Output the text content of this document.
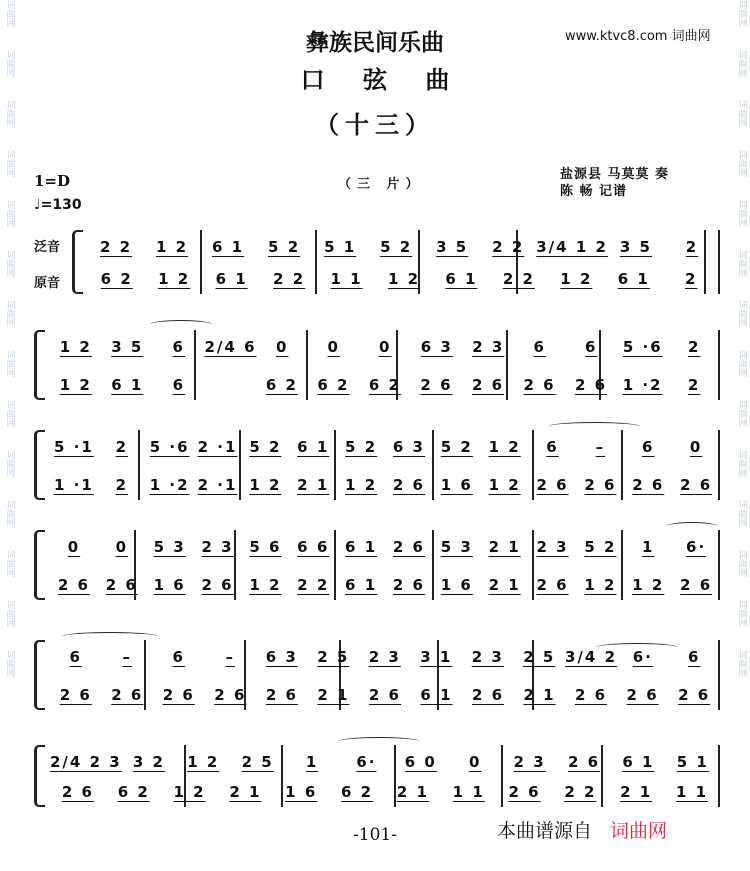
词曲网
词曲网
词曲网
词曲网
词曲网
词曲网
词曲网
词曲网
词曲网
词曲网
词曲网
词曲网
词曲网
词曲网
词曲网
词曲网
词曲网
词曲网
词曲网
词曲网
词曲网
词曲网
词曲网
词曲网
词曲网
词曲网
词曲网
词曲网
彝族民间乐曲
口 弦 曲
（十三）
www.ktvc8.com 词曲网
1=D
♩=130
（三 片）
盐源县 马莫莫 奏
陈 畅 记谱
泛音
原音
2 2	1 2	6 1	5 2	5 1	5 2	3 5	2 2 3/4 1 2 3 5	2
6 2	1 2	6 1	2 2	1 1	1 2	6 1	2 2	1 2	6 1	2
1 2	3 5	6	2/4 6	0	0	0	6 3	2 3	6	6	5 ·6	2
1 2	6 1	6	6 2	6 2	6 2	2 6	2 6	2 6	2 6	1 ·2	2
5 ·1	2	5 ·6 2 ·1 5 2	6 1	5 2	6 3	5 2	1 2	6	–	6	0
1 ·1	2	1 ·2 2 ·1 1 2	2 1	1 2	2 6	1 6	1 2	2 6	2 6	2 6	2 6
0	0	5 3	2 3	5 6	6 6	6 1	2 6	5 3	2 1	2 3	5 2	1	6·
2 6	2 6	1 6	2 6	1 2	2 2	6 1	2 6	1 6	2 1	2 6	1 2	1 2	2 6
6	–	6	–	6 3	2 5	2 3	3 1	2 3	2 5 3/4 2	6·	6
2 6	2 6	2 6	2 6	2 6	2 1	2 6	6 1	2 6	2 1	2 6	2 6	2 6
2/4 2 3 3 2	1 2	2 5	1	6·	6 0	0	2 3	2 6	6 1	5 1
2 6	6 2	1 2	2 1	1 6	6 2	2 1	1 1	2 6	2 2	2 1	1 1
-101-	本曲谱源自 词曲网
